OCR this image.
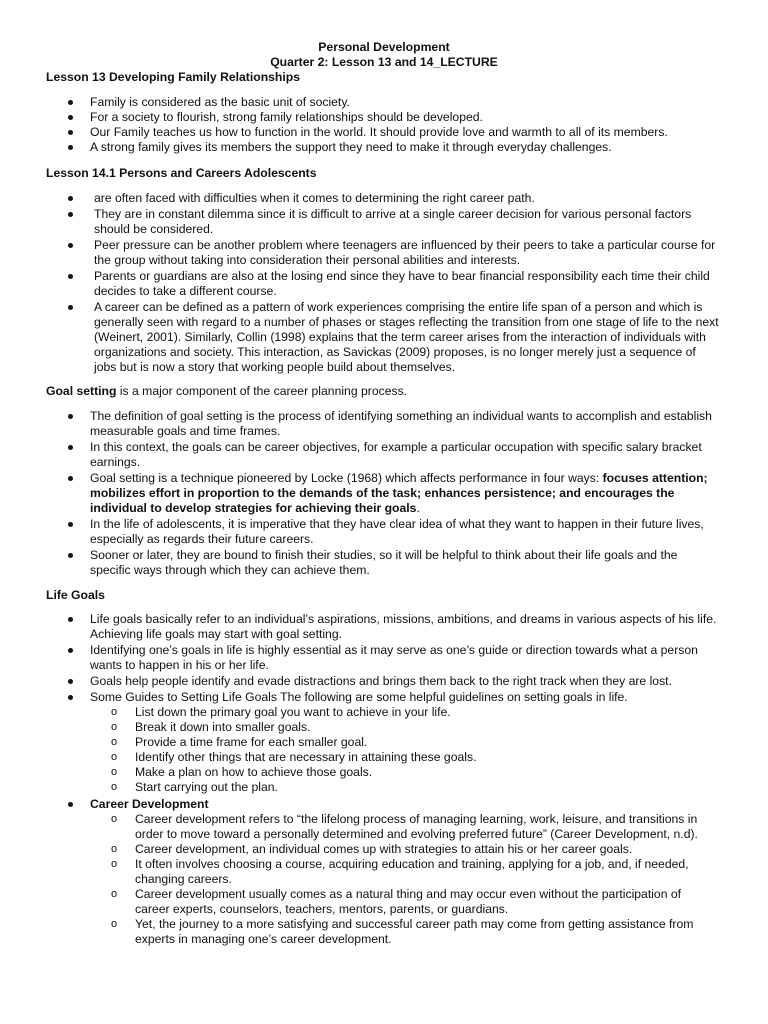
Personal Development
Quarter 2: Lesson 13 and 14_LECTURE
Lesson 13 Developing Family Relationships
Family is considered as the basic unit of society.
For a society to flourish, strong family relationships should be developed.
Our Family teaches us how to function in the world. It should provide love and warmth to all of its members.
A strong family gives its members the support they need to make it through everyday challenges.
Lesson 14.1 Persons and Careers Adolescents
are often faced with difficulties when it comes to determining the right career path.
They are in constant dilemma since it is difficult to arrive at a single career decision for various personal factors should be considered.
Peer pressure can be another problem where teenagers are influenced by their peers to take a particular course for the group without taking into consideration their personal abilities and interests.
Parents or guardians are also at the losing end since they have to bear financial responsibility each time their child decides to take a different course.
A career can be defined as a pattern of work experiences comprising the entire life span of a person and which is generally seen with regard to a number of phases or stages reflecting the transition from one stage of life to the next (Weinert, 2001). Similarly, Collin (1998) explains that the term career arises from the interaction of individuals with organizations and society. This interaction, as Savickas (2009) proposes, is no longer merely just a sequence of jobs but is now a story that working people build about themselves.
Goal setting is a major component of the career planning process.
The definition of goal setting is the process of identifying something an individual wants to accomplish and establish measurable goals and time frames.
In this context, the goals can be career objectives, for example a particular occupation with specific salary bracket earnings.
Goal setting is a technique pioneered by Locke (1968) which affects performance in four ways: focuses attention; mobilizes effort in proportion to the demands of the task; enhances persistence; and encourages the individual to develop strategies for achieving their goals.
In the life of adolescents, it is imperative that they have clear idea of what they want to happen in their future lives, especially as regards their future careers.
Sooner or later, they are bound to finish their studies, so it will be helpful to think about their life goals and the specific ways through which they can achieve them.
Life Goals
Life goals basically refer to an individual’s aspirations, missions, ambitions, and dreams in various aspects of his life. Achieving life goals may start with goal setting.
Identifying one’s goals in life is highly essential as it may serve as one’s guide or direction towards what a person wants to happen in his or her life.
Goals help people identify and evade distractions and brings them back to the right track when they are lost.
Some Guides to Setting Life Goals The following are some helpful guidelines on setting goals in life.
o List down the primary goal you want to achieve in your life.
o Break it down into smaller goals.
o Provide a time frame for each smaller goal.
o Identify other things that are necessary in attaining these goals.
o Make a plan on how to achieve those goals.
o Start carrying out the plan.
Career Development
o Career development refers to “the lifelong process of managing learning, work, leisure, and transitions in order to move toward a personally determined and evolving preferred future” (Career Development, n.d).
o Career development, an individual comes up with strategies to attain his or her career goals.
o It often involves choosing a course, acquiring education and training, applying for a job, and, if needed, changing careers.
o Career development usually comes as a natural thing and may occur even without the participation of career experts, counselors, teachers, mentors, parents, or guardians.
o Yet, the journey to a more satisfying and successful career path may come from getting assistance from experts in managing one’s career development.
